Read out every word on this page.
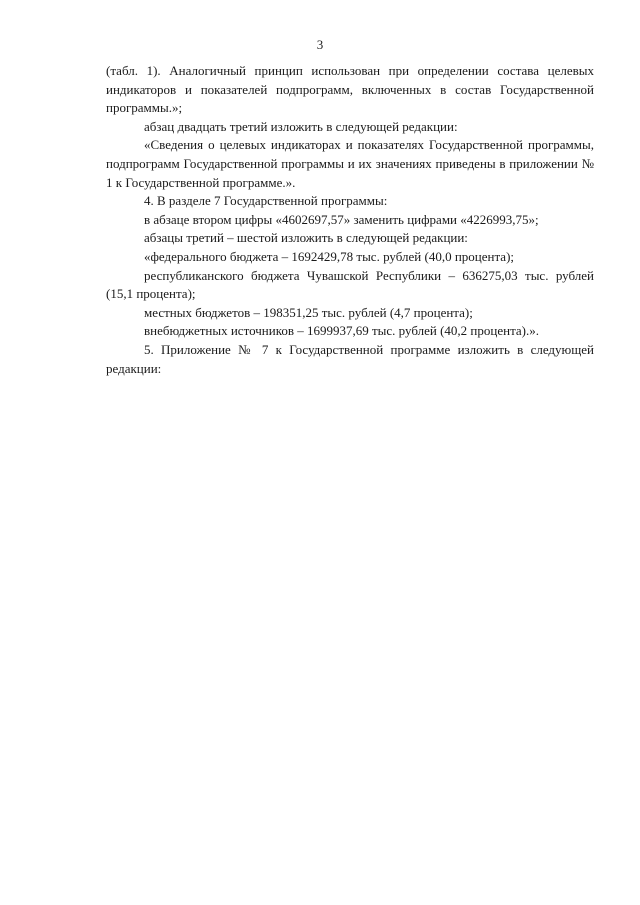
3

(табл. 1). Аналогичный принцип использован при определении состава целевых индикаторов и показателей подпрограмм, включенных в состав Государственной программы.»;

абзац двадцать третий изложить в следующей редакции:

«Сведения о целевых индикаторах и показателях Государственной программы, подпрограмм Государственной программы и их значениях приведены в приложении № 1 к Государственной программе.».

4. В разделе 7 Государственной программы:

в абзаце втором цифры «4602697,57» заменить цифрами «4226993,75»;

абзацы третий – шестой изложить в следующей редакции:

«федерального бюджета – 1692429,78 тыс. рублей (40,0 процента);

республиканского бюджета Чувашской Республики – 636275,03 тыс. рублей (15,1 процента);

местных бюджетов – 198351,25 тыс. рублей (4,7 процента);

внебюджетных источников – 1699937,69 тыс. рублей (40,2 процента).».

5. Приложение № 7 к Государственной программе изложить в следующей редакции:
